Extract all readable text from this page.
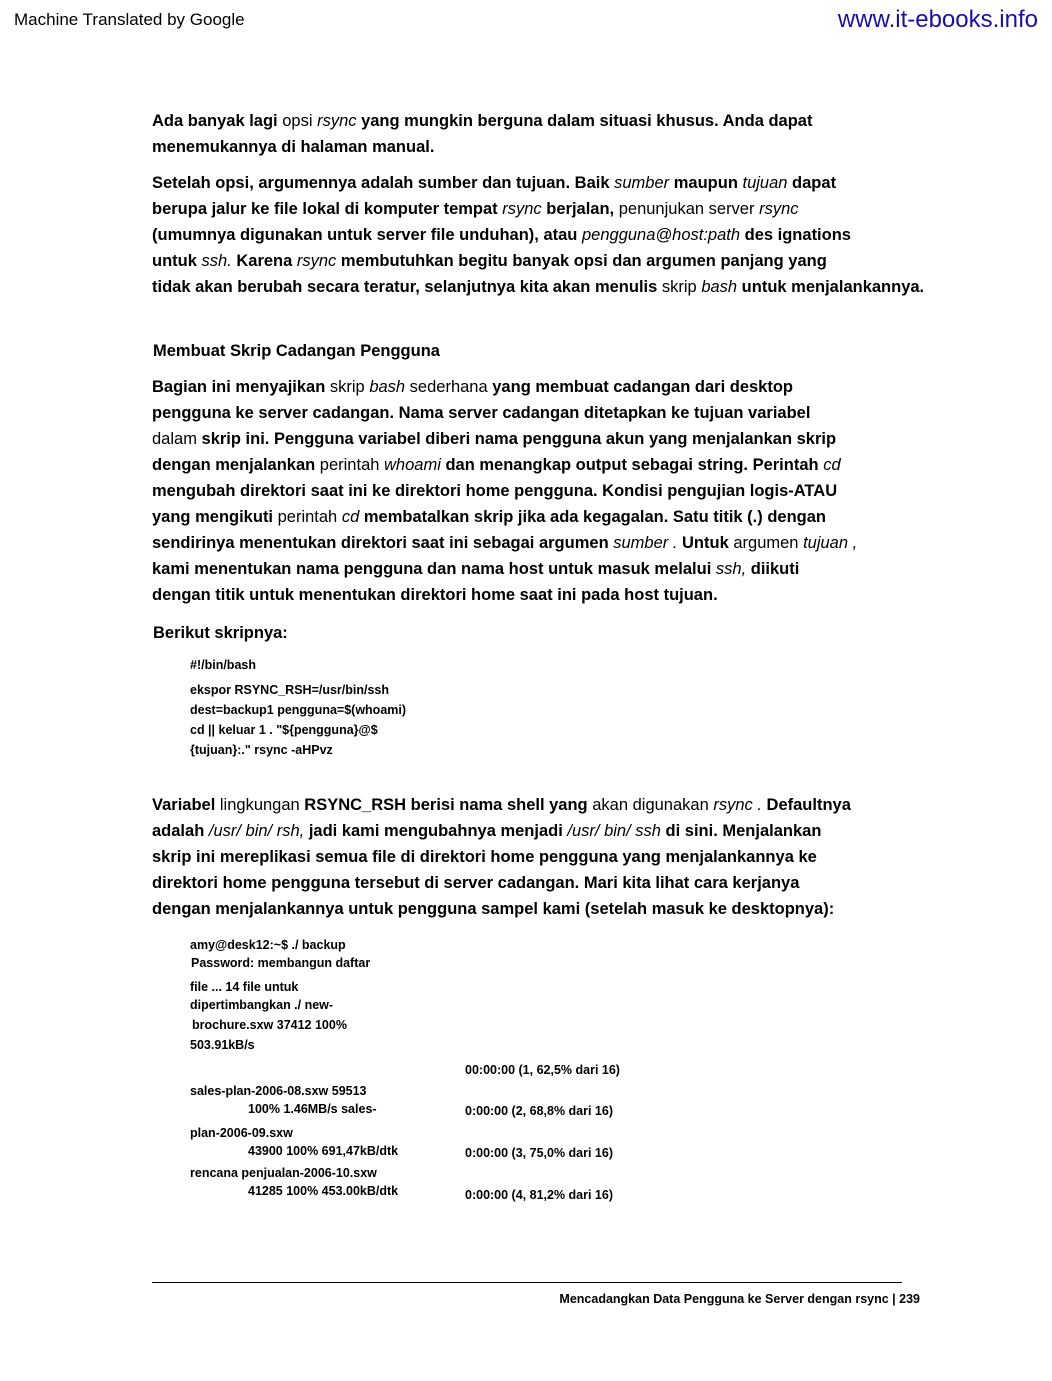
Machine Translated by Google	www.it-ebooks.info

Ada banyak lagi opsi rsync yang mungkin berguna dalam situasi khusus. Anda dapat
menemukannya di halaman manual.

Setelah opsi, argumennya adalah sumber dan tujuan. Baik sumber maupun tujuan dapat
berupa jalur ke file lokal di komputer tempat rsync berjalan, penunjukan server rsync
(umumnya digunakan untuk server file unduhan), atau pengguna@host:path des ignations
untuk ssh. Karena rsync membutuhkan begitu banyak opsi dan argumen panjang yang
tidak akan berubah secara teratur, selanjutnya kita akan menulis skrip bash untuk menjalankannya.

Membuat Skrip Cadangan Pengguna

Bagian ini menyajikan skrip bash sederhana yang membuat cadangan dari desktop
pengguna ke server cadangan. Nama server cadangan ditetapkan ke tujuan variabel
dalam skrip ini. Pengguna variabel diberi nama pengguna akun yang menjalankan skrip
dengan menjalankan perintah whoami dan menangkap output sebagai string. Perintah cd
mengubah direktori saat ini ke direktori home pengguna. Kondisi pengujian logis-ATAU
yang mengikuti perintah cd membatalkan skrip jika ada kegagalan. Satu titik (.) dengan
sendirinya menentukan direktori saat ini sebagai argumen sumber . Untuk argumen tujuan ,
kami menentukan nama pengguna dan nama host untuk masuk melalui ssh, diikuti
dengan titik untuk menentukan direktori home saat ini pada host tujuan.

Berikut skripnya:
#!/bin/bash
ekspor RSYNC_RSH=/usr/bin/ssh
dest=backup1 pengguna=$(whoami)
cd || keluar 1 . "${pengguna}@$
{tujuan}:." rsync -aHPvz

Variabel lingkungan RSYNC_RSH berisi nama shell yang akan digunakan rsync . Defaultnya
adalah /usr/ bin/ rsh, jadi kami mengubahnya menjadi /usr/ bin/ ssh di sini. Menjalankan
skrip ini mereplikasi semua file di direktori home pengguna yang menjalankannya ke
direktori home pengguna tersebut di server cadangan. Mari kita lihat cara kerjanya
dengan menjalankannya untuk pengguna sampel kami (setelah masuk ke desktopnya):

amy@desk12:~$ ./ backup
Password: membangun daftar
file ... 14 file untuk
dipertimbangkan ./ new-
brochure.sxw 37412 100%
503.91kB/s
00:00:00 (1, 62,5% dari 16)
sales-plan-2006-08.sxw 59513
100% 1.46MB/s sales-	0:00:00 (2, 68,8% dari 16)
plan-2006-09.sxw
43900 100% 691,47kB/dtk	0:00:00 (3, 75,0% dari 16)
rencana penjualan-2006-10.sxw
41285 100% 453.00kB/dtk	0:00:00 (4, 81,2% dari 16)
Mencadangkan Data Pengguna ke Server dengan rsync | 239
